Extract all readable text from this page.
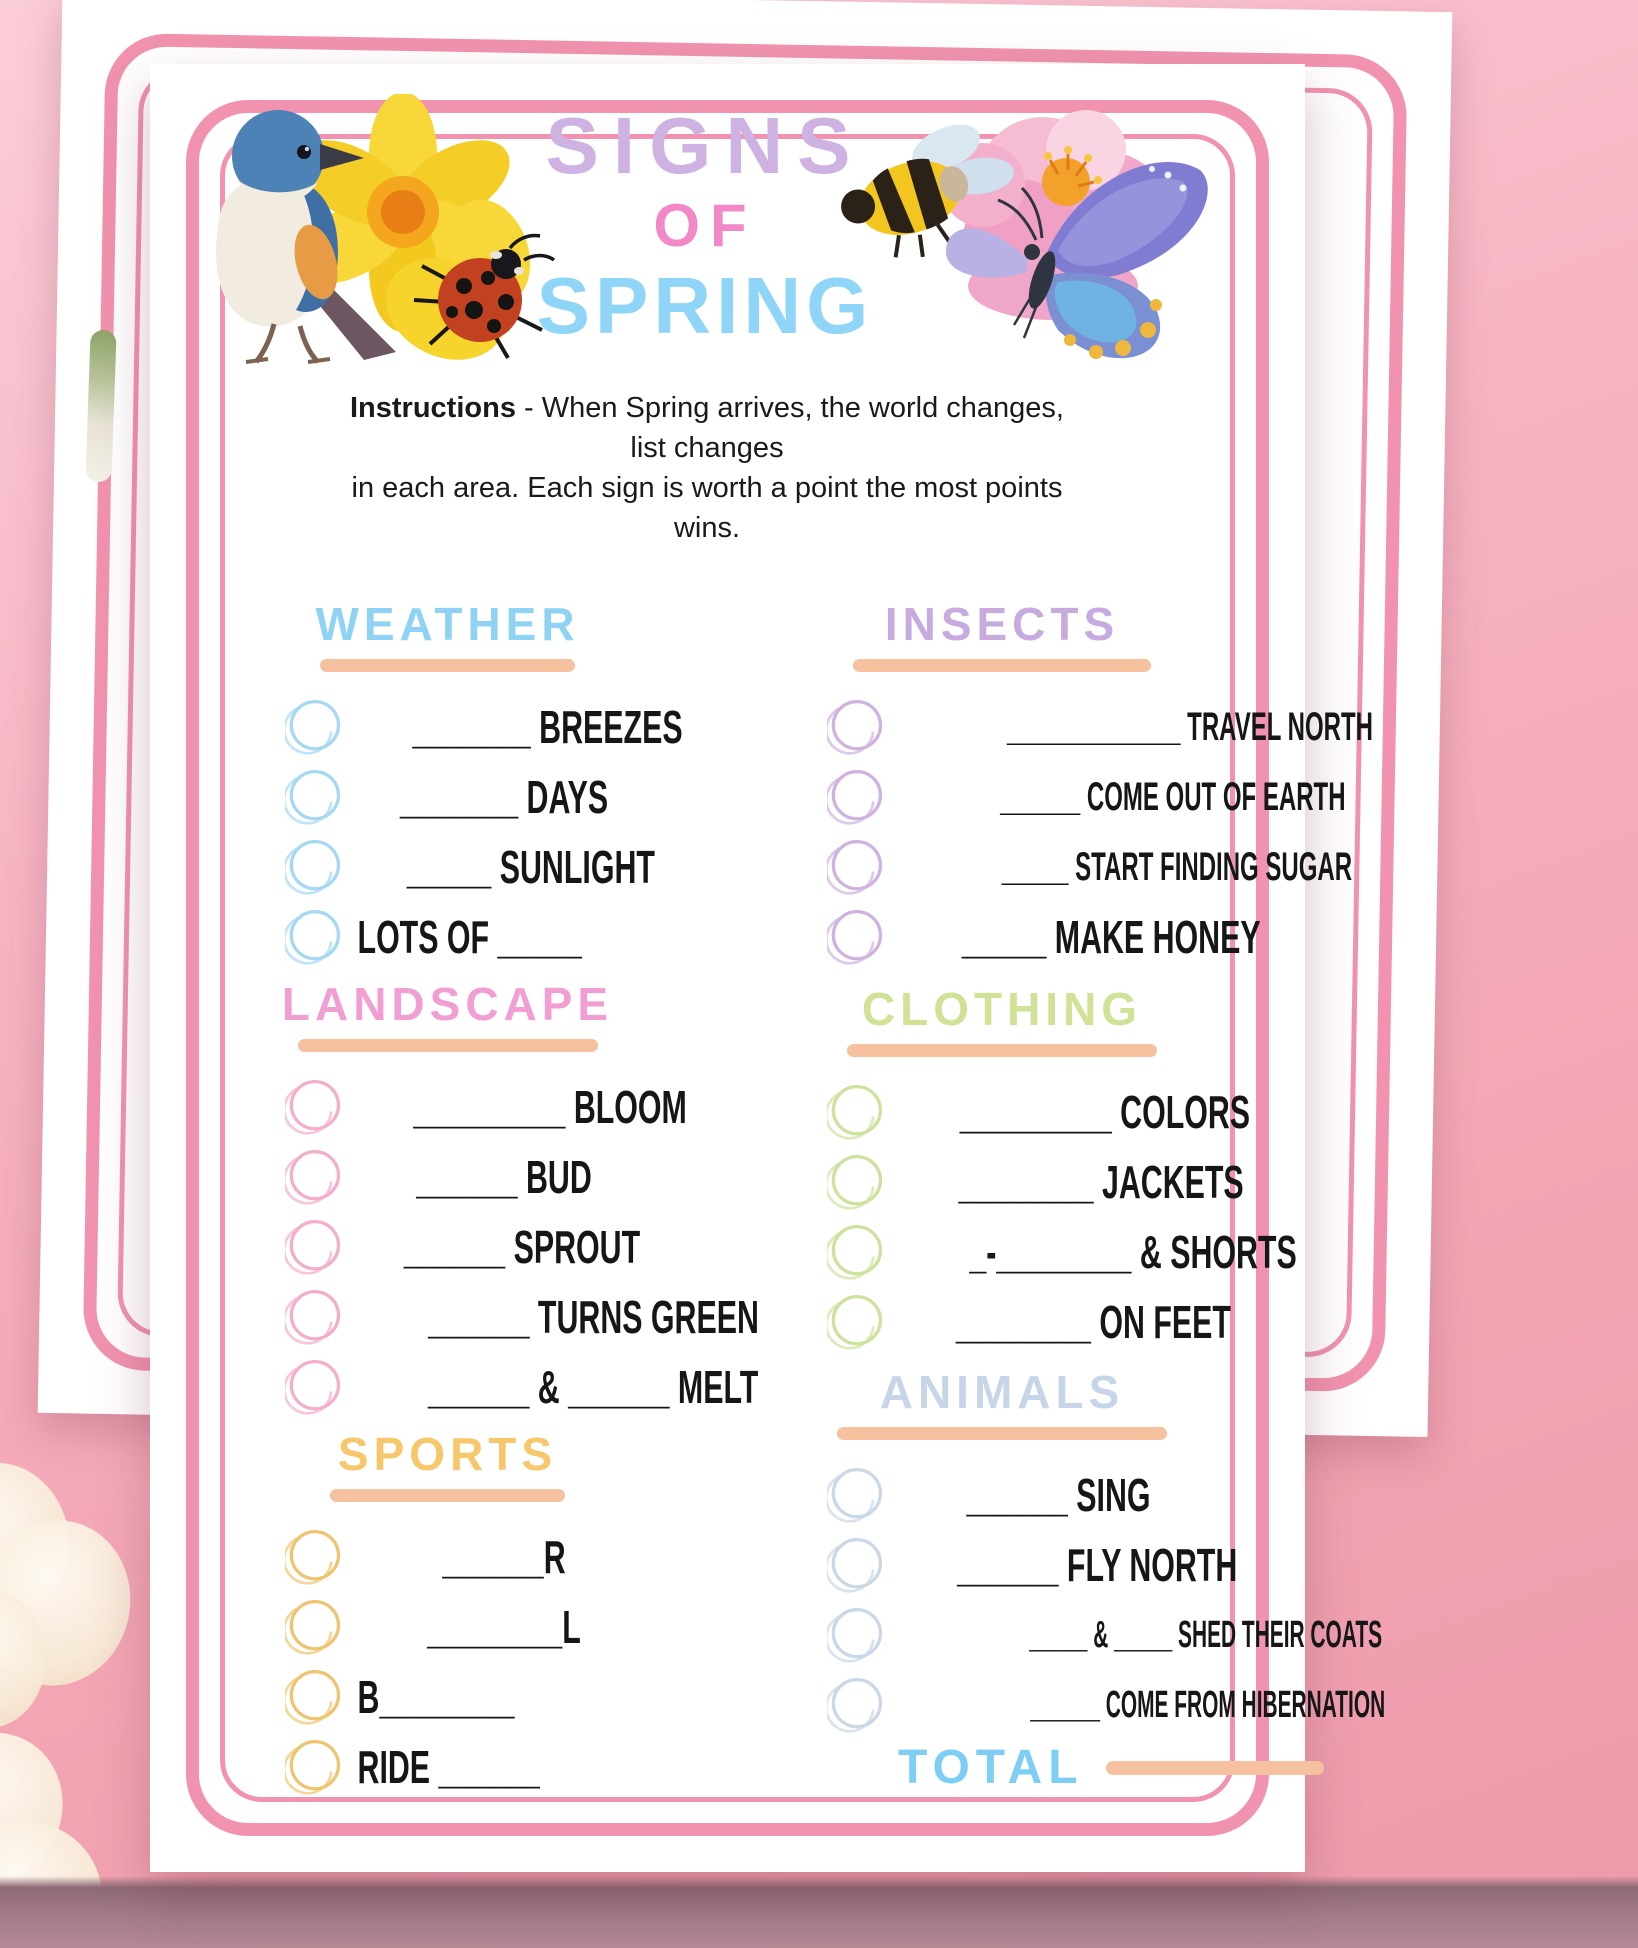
SIGNS
OF
SPRING
Instructions - When Spring arrives, the world changes, list changes
in each area. Each sign is worth a point the most points wins.
WEATHER
_______ BREEZES
_______ DAYS
_____ SUNLIGHT
LOTS OF _____
LANDSCAPE
_________ BLOOM
______ BUD
______ SPROUT
______ TURNS GREEN
______ & ______ MELT
SPORTS
______R
________L
B________
RIDE ______
INSECTS
_____________ TRAVEL NORTH
______ COME OUT OF EARTH
_____ START FINDING SUGAR
_____ MAKE HONEY
CLOTHING
_________ COLORS
________ JACKETS
_-________ & SHORTS
________ ON FEET
ANIMALS
______ SING
______ FLY NORTH
_____ & _____ SHED THEIR COATS
______ COME FROM HIBERNATION
TOTAL
